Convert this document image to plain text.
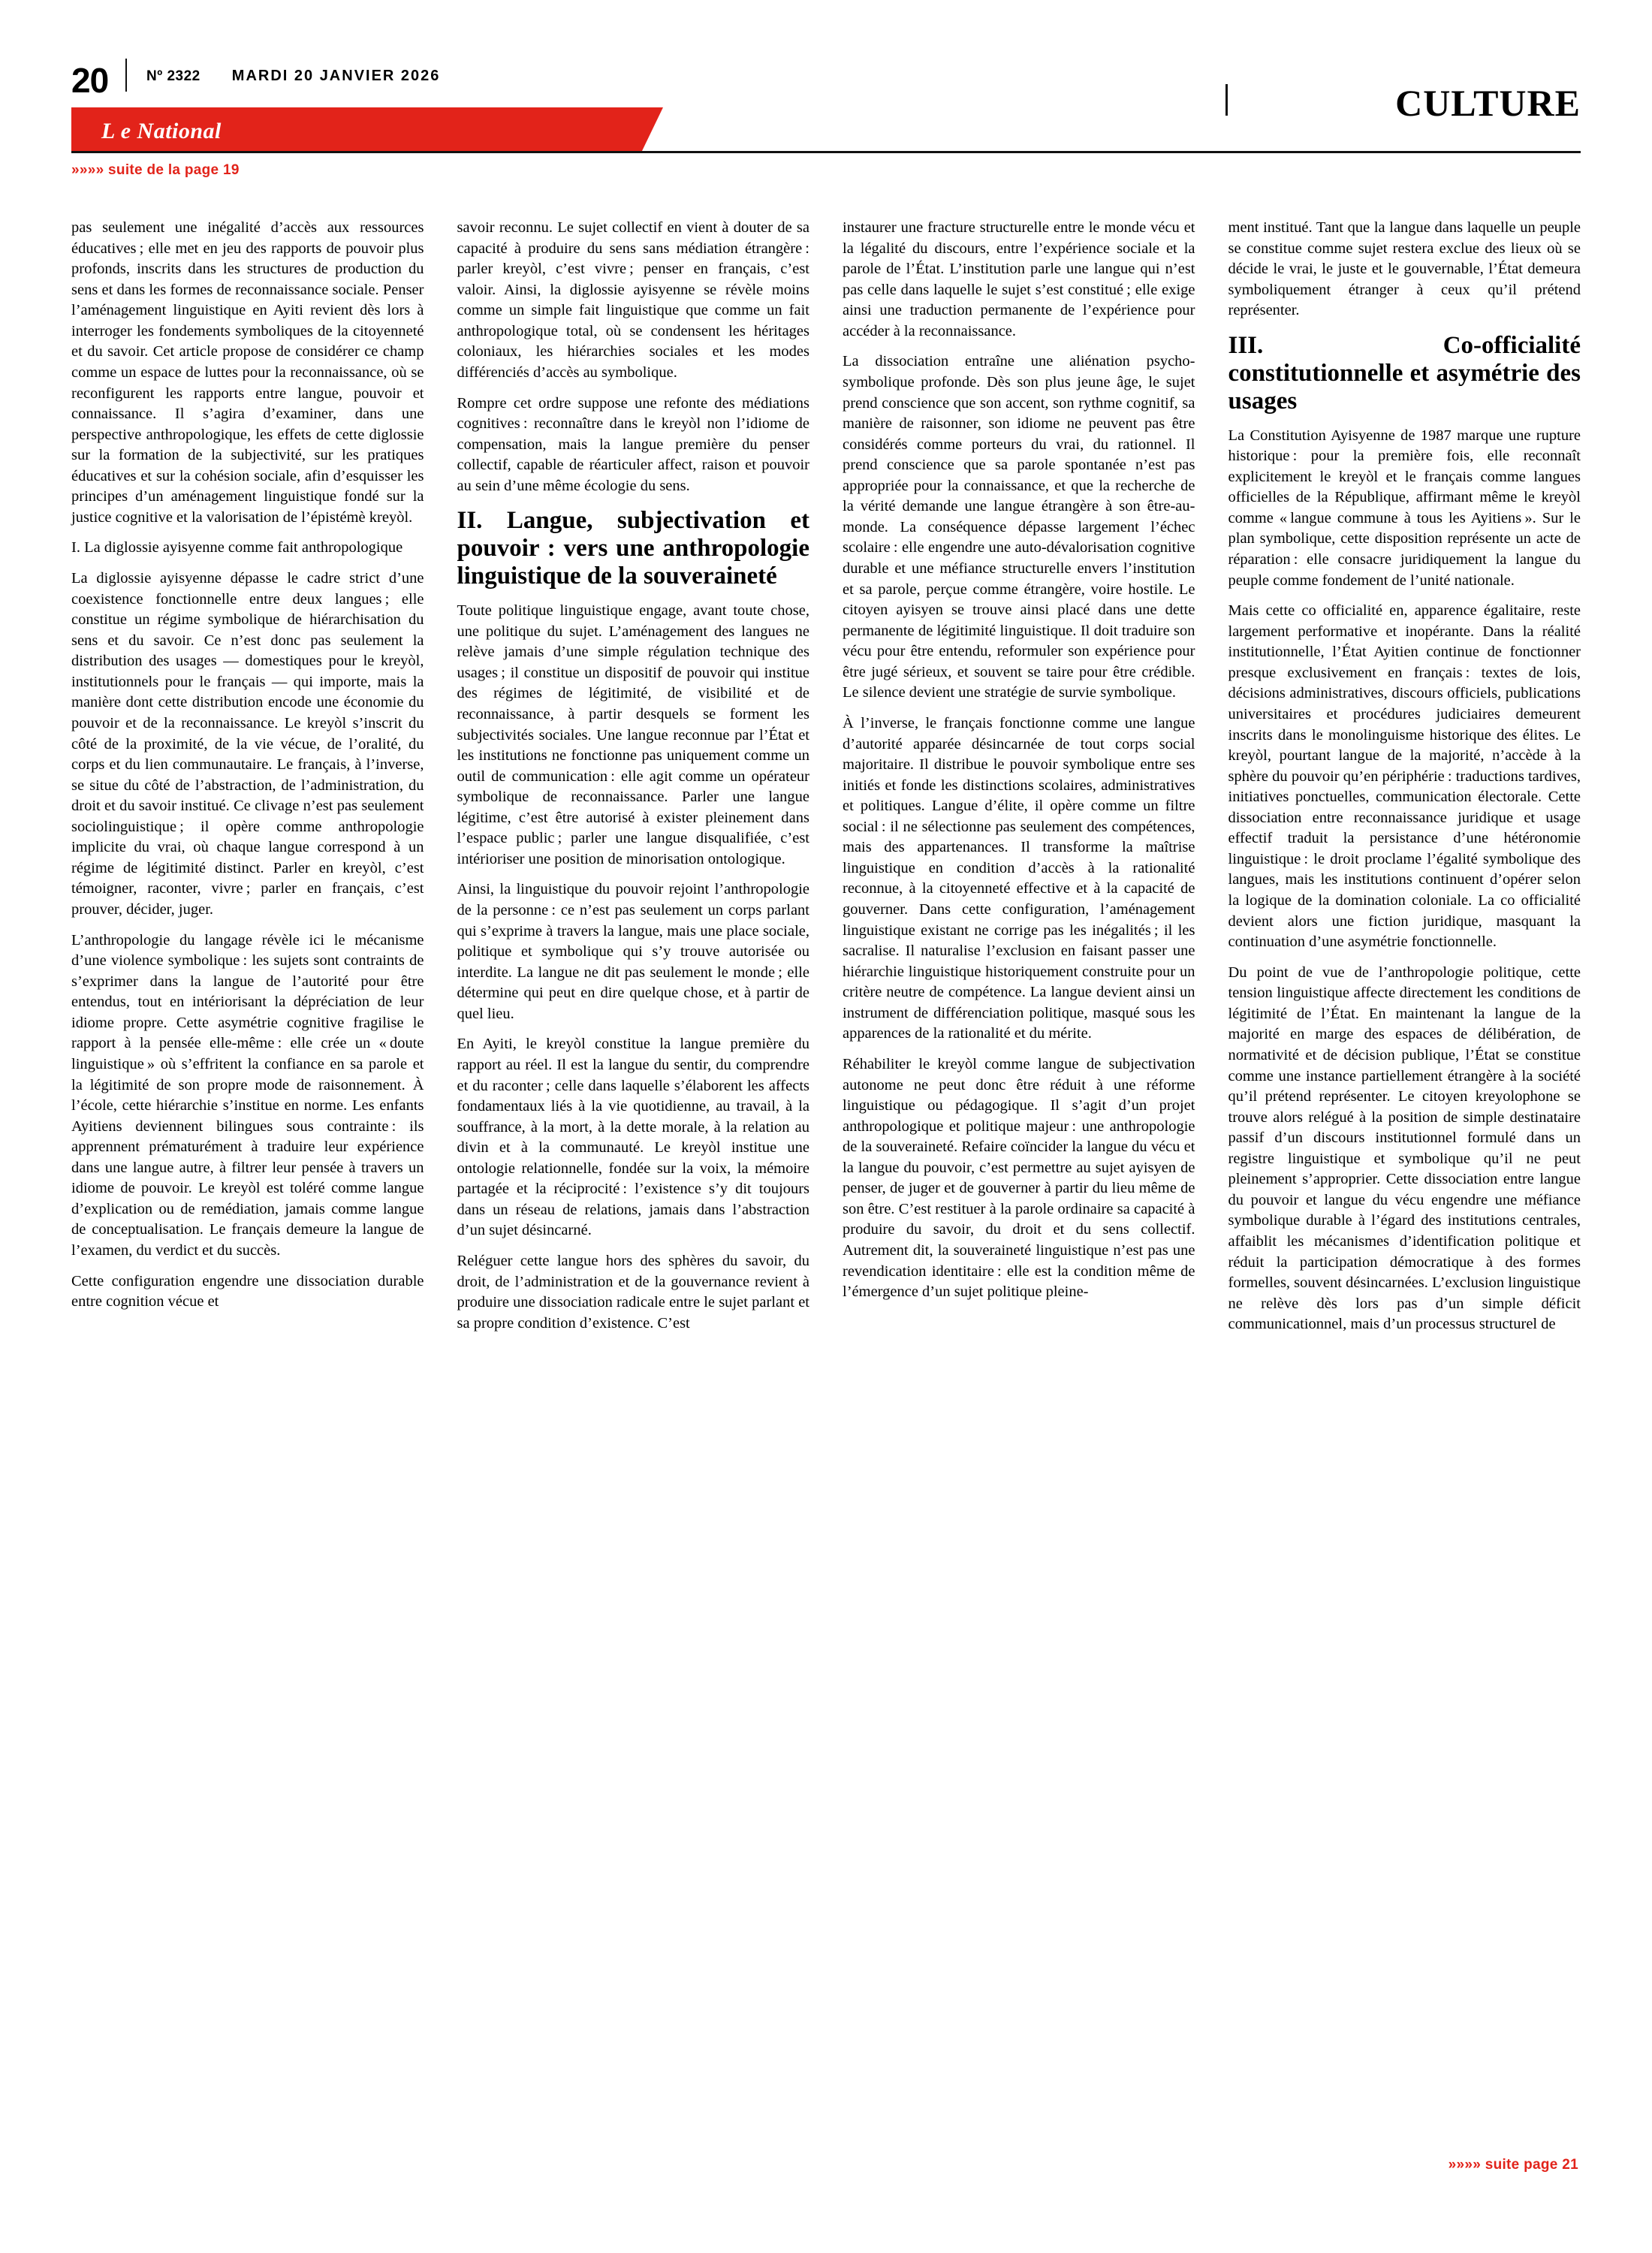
20	Nº 2322 MARDI 20 JANVIER 2026
CULTURE
L e National
»»»» suite de la page 19

pas seulement une inégalité d’accès aux ressources éducatives ; elle met en jeu des rapports de pouvoir plus profonds, inscrits dans les structures de production du sens et dans les formes de reconnaissance sociale. Penser l’aménagement linguistique en Ayiti revient dès lors à interroger les fondements symboliques de la citoyenneté et du savoir. Cet article propose de considérer ce champ comme un espace de luttes pour la reconnaissance, où se reconfigurent les rapports entre langue, pouvoir et connaissance. Il s’agira d’examiner, dans une perspective anthropologique, les effets de cette diglossie sur la formation de la subjectivité, sur les pratiques éducatives et sur la cohésion sociale, afin d’esquisser les principes d’un aménagement linguistique fondé sur la justice cognitive et la valorisation de l’épistémè kreyòl.

I. La diglossie ayisyenne comme fait anthropologique

La diglossie ayisyenne dépasse le cadre strict d’une coexistence fonctionnelle entre deux langues ; elle constitue un régime symbolique de hiérarchisation du sens et du savoir. Ce n’est donc pas seulement la distribution des usages — domestiques pour le kreyòl, institutionnels pour le français — qui importe, mais la manière dont cette distribution encode une économie du pouvoir et de la reconnaissance. Le kreyòl s’inscrit du côté de la proximité, de la vie vécue, de l’oralité, du corps et du lien communautaire. Le français, à l’inverse, se situe du côté de l’abstraction, de l’administration, du droit et du savoir institué. Ce clivage n’est pas seulement sociolinguistique ; il opère comme anthropologie implicite du vrai, où chaque langue correspond à un régime de légitimité distinct. Parler en kreyòl, c’est témoigner, raconter, vivre ; parler en français, c’est prouver, décider, juger.

L’anthropologie du langage révèle ici le mécanisme d’une violence symbolique : les sujets sont contraints de s’exprimer dans la langue de l’autorité pour être entendus, tout en intériorisant la dépréciation de leur idiome propre. Cette asymétrie cognitive fragilise le rapport à la pensée elle-même : elle crée un « doute linguistique » où s’effritent la confiance en sa parole et la légitimité de son propre mode de raisonnement. À l’école, cette hiérarchie s’institue en norme. Les enfants Ayitiens deviennent bilingues sous contrainte : ils apprennent prématurément à traduire leur expérience dans une langue autre, à filtrer leur pensée à travers un idiome de pouvoir. Le kreyòl est toléré comme langue d’explication ou de remédiation, jamais comme langue de conceptualisation. Le français demeure la langue de l’examen, du verdict et du succès.

Cette configuration engendre une dissociation durable entre cognition vécue et

savoir reconnu. Le sujet collectif en vient à douter de sa capacité à produire du sens sans médiation étrangère : parler kreyòl, c’est vivre ; penser en français, c’est valoir. Ainsi, la diglossie ayisyenne se révèle moins comme un simple fait linguistique que comme un fait anthropologique total, où se condensent les héritages coloniaux, les hiérarchies sociales et les modes différenciés d’accès au symbolique.

Rompre cet ordre suppose une refonte des médiations cognitives : reconnaître dans le kreyòl non l’idiome de compensation, mais la langue première du penser collectif, capable de réarticuler affect, raison et pouvoir au sein d’une même écologie du sens.

II. Langue, subjectivation et pouvoir : vers une anthropologie linguistique de la souveraineté

Toute politique linguistique engage, avant toute chose, une politique du sujet. L’aménagement des langues ne relève jamais d’une simple régulation technique des usages ; il constitue un dispositif de pouvoir qui institue des régimes de légitimité, de visibilité et de reconnaissance, à partir desquels se forment les subjectivités sociales. Une langue reconnue par l’État et les institutions ne fonctionne pas uniquement comme un outil de communication : elle agit comme un opérateur symbolique de reconnaissance. Parler une langue légitime, c’est être autorisé à exister pleinement dans l’espace public ; parler une langue disqualifiée, c’est intérioriser une position de minorisation ontologique.

Ainsi, la linguistique du pouvoir rejoint l’anthropologie de la personne : ce n’est pas seulement un corps parlant qui s’exprime à travers la langue, mais une place sociale, politique et symbolique qui s’y trouve autorisée ou interdite. La langue ne dit pas seulement le monde ; elle détermine qui peut en dire quelque chose, et à partir de quel lieu.

En Ayiti, le kreyòl constitue la langue première du rapport au réel. Il est la langue du sentir, du comprendre et du raconter ; celle dans laquelle s’élaborent les affects fondamentaux liés à la vie quotidienne, au travail, à la souffrance, à la mort, à la dette morale, à la relation au divin et à la communauté. Le kreyòl institue une ontologie relationnelle, fondée sur la voix, la mémoire partagée et la réciprocité : l’existence s’y dit toujours dans un réseau de relations, jamais dans l’abstraction d’un sujet désincarné.

Reléguer cette langue hors des sphères du savoir, du droit, de l’administration et de la gouvernance revient à produire une dissociation radicale entre le sujet parlant et sa propre condition d’existence. C’est

instaurer une fracture structurelle entre le monde vécu et la légalité du discours, entre l’expérience sociale et la parole de l’État. L’institution parle une langue qui n’est pas celle dans laquelle le sujet s’est constitué ; elle exige ainsi une traduction permanente de l’expérience pour accéder à la reconnaissance.

La dissociation entraîne une aliénation psycho-symbolique profonde. Dès son plus jeune âge, le sujet prend conscience que son accent, son rythme cognitif, sa manière de raisonner, son idiome ne peuvent pas être considérés comme porteurs du vrai, du rationnel. Il prend conscience que sa parole spontanée n’est pas appropriée pour la connaissance, et que la recherche de la vérité demande une langue étrangère à son être-au-monde. La conséquence dépasse largement l’échec scolaire : elle engendre une auto-dévalorisation cognitive durable et une méfiance structurelle envers l’institution et sa parole, perçue comme étrangère, voire hostile. Le citoyen ayisyen se trouve ainsi placé dans une dette permanente de légitimité linguistique. Il doit traduire son vécu pour être entendu, reformuler son expérience pour être jugé sérieux, et souvent se taire pour être crédible. Le silence devient une stratégie de survie symbolique.

À l’inverse, le français fonctionne comme une langue d’autorité apparée désincarnée de tout corps social majoritaire. Il distribue le pouvoir symbolique entre ses initiés et fonde les distinctions scolaires, administratives et politiques. Langue d’élite, il opère comme un filtre social : il ne sélectionne pas seulement des compétences, mais des appartenances. Il transforme la maîtrise linguistique en condition d’accès à la rationalité reconnue, à la citoyenneté effective et à la capacité de gouverner. Dans cette configuration, l’aménagement linguistique existant ne corrige pas les inégalités ; il les sacralise. Il naturalise l’exclusion en faisant passer une hiérarchie linguistique historiquement construite pour un critère neutre de compétence. La langue devient ainsi un instrument de différenciation politique, masqué sous les apparences de la rationalité et du mérite.

Réhabiliter le kreyòl comme langue de subjectivation autonome ne peut donc être réduit à une réforme linguistique ou pédagogique. Il s’agit d’un projet anthropologique et politique majeur : une anthropologie de la souveraineté. Refaire coïncider la langue du vécu et la langue du pouvoir, c’est permettre au sujet ayisyen de penser, de juger et de gouverner à partir du lieu même de son être. C’est restituer à la parole ordinaire sa capacité à produire du savoir, du droit et du sens collectif. Autrement dit, la souveraineté linguistique n’est pas une revendication identitaire : elle est la condition même de l’émergence d’un sujet politique pleine-

ment institué. Tant que la langue dans laquelle un peuple se constitue comme sujet restera exclue des lieux où se décide le vrai, le juste et le gouvernable, l’État demeura symboliquement étranger à ceux qu’il prétend représenter.

III. Co-officialité constitutionnelle et asymétrie des usages

La Constitution Ayisyenne de 1987 marque une rupture historique : pour la première fois, elle reconnaît explicitement le kreyòl et le français comme langues officielles de la République, affirmant même le kreyòl comme « langue commune à tous les Ayitiens ». Sur le plan symbolique, cette disposition représente un acte de réparation : elle consacre juridiquement la langue du peuple comme fondement de l’unité nationale.

Mais cette co officialité en, apparence égalitaire, reste largement performative et inopérante. Dans la réalité institutionnelle, l’État Ayitien continue de fonctionner presque exclusivement en français : textes de lois, décisions administratives, discours officiels, publications universitaires et procédures judiciaires demeurent inscrits dans le monolinguisme historique des élites. Le kreyòl, pourtant langue de la majorité, n’accède à la sphère du pouvoir qu’en périphérie : traductions tardives, initiatives ponctuelles, communication électorale. Cette dissociation entre reconnaissance juridique et usage effectif traduit la persistance d’une hétéronomie linguistique : le droit proclame l’égalité symbolique des langues, mais les institutions continuent d’opérer selon la logique de la domination coloniale. La co officialité devient alors une fiction juridique, masquant la continuation d’une asymétrie fonctionnelle.

Du point de vue de l’anthropologie politique, cette tension linguistique affecte directement les conditions de légitimité de l’État. En maintenant la langue de la majorité en marge des espaces de délibération, de normativité et de décision publique, l’État se constitue comme une instance partiellement étrangère à la société qu’il prétend représenter. Le citoyen kreyolophone se trouve alors relégué à la position de simple destinataire passif d’un discours institutionnel formulé dans un registre linguistique et symbolique qu’il ne peut pleinement s’approprier. Cette dissociation entre langue du pouvoir et langue du vécu engendre une méfiance symbolique durable à l’égard des institutions centrales, affaiblit les mécanismes d’identification politique et réduit la participation démocratique à des formes formelles, souvent désincarnées. L’exclusion linguistique ne relève dès lors pas d’un simple déficit communicationnel, mais d’un processus structurel de

»»»» suite page 21
